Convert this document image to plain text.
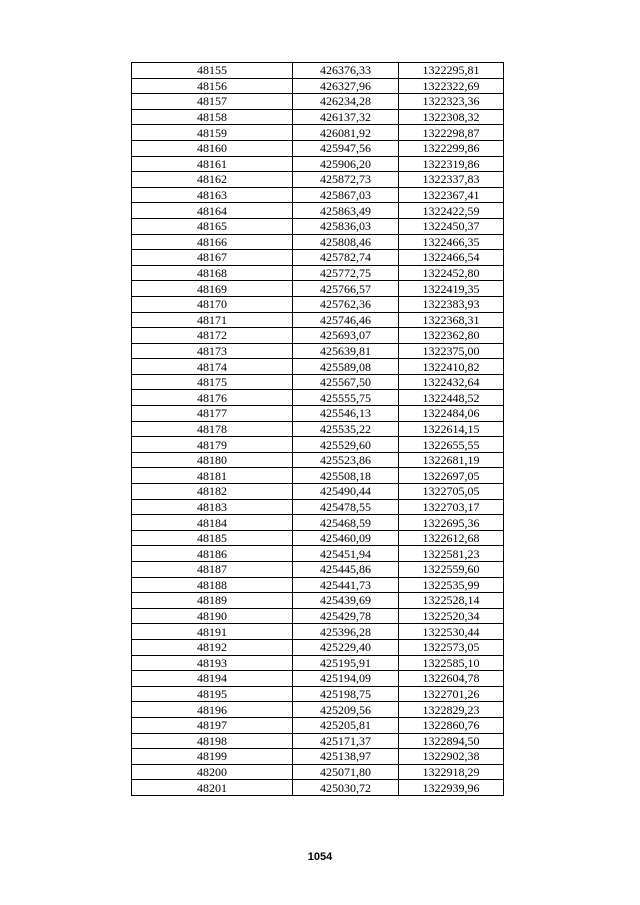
48155	426376,33	1322295,81
48156	426327,96	1322322,69
48157	426234,28	1322323,36
48158	426137,32	1322308,32
48159	426081,92	1322298,87
48160	425947,56	1322299,86
48161	425906,20	1322319,86
48162	425872,73	1322337,83
48163	425867,03	1322367,41
48164	425863,49	1322422,59
48165	425836,03	1322450,37
48166	425808,46	1322466,35
48167	425782,74	1322466,54
48168	425772,75	1322452,80
48169	425766,57	1322419,35
48170	425762,36	1322383,93
48171	425746,46	1322368,31
48172	425693,07	1322362,80
48173	425639,81	1322375,00
48174	425589,08	1322410,82
48175	425567,50	1322432,64
48176	425555,75	1322448,52
48177	425546,13	1322484,06
48178	425535,22	1322614,15
48179	425529,60	1322655,55
48180	425523,86	1322681,19
48181	425508,18	1322697,05
48182	425490,44	1322705,05
48183	425478,55	1322703,17
48184	425468,59	1322695,36
48185	425460,09	1322612,68
48186	425451,94	1322581,23
48187	425445,86	1322559,60
48188	425441,73	1322535,99
48189	425439,69	1322528,14
48190	425429,78	1322520,34
48191	425396,28	1322530,44
48192	425229,40	1322573,05
48193	425195,91	1322585,10
48194	425194,09	1322604,78
48195	425198,75	1322701,26
48196	425209,56	1322829,23
48197	425205,81	1322860,76
48198	425171,37	1322894,50
48199	425138,97	1322902,38
48200	425071,80	1322918,29
48201	425030,72	1322939,96
1054
